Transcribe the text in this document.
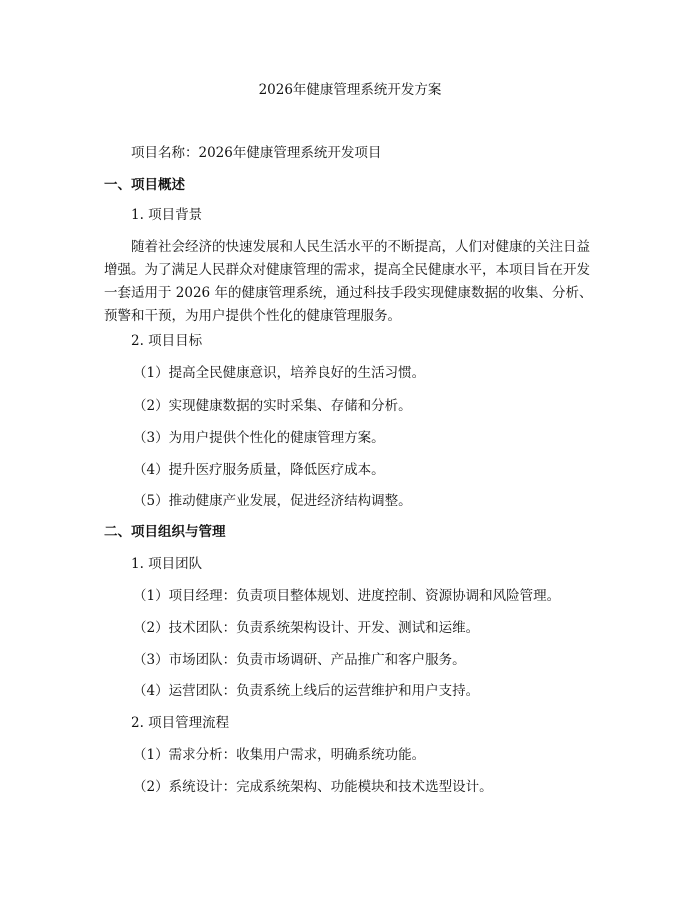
2026年健康管理系统开发方案
项目名称：2026年健康管理系统开发项目
一、项目概述
1. 项目背景
随着社会经济的快速发展和人民生活水平的不断提高，人们对健康的关注日益
增强。为了满足人民群众对健康管理的需求，提高全民健康水平，本项目旨在开发
一套适用于 2026 年的健康管理系统，通过科技手段实现健康数据的收集、分析、
预警和干预，为用户提供个性化的健康管理服务。
2. 项目目标
（1）提高全民健康意识，培养良好的生活习惯。
（2）实现健康数据的实时采集、存储和分析。
（3）为用户提供个性化的健康管理方案。
（4）提升医疗服务质量，降低医疗成本。
（5）推动健康产业发展，促进经济结构调整。
二、项目组织与管理
1. 项目团队
（1）项目经理：负责项目整体规划、进度控制、资源协调和风险管理。
（2）技术团队：负责系统架构设计、开发、测试和运维。
（3）市场团队：负责市场调研、产品推广和客户服务。
（4）运营团队：负责系统上线后的运营维护和用户支持。
2. 项目管理流程
（1）需求分析：收集用户需求，明确系统功能。
（2）系统设计：完成系统架构、功能模块和技术选型设计。
